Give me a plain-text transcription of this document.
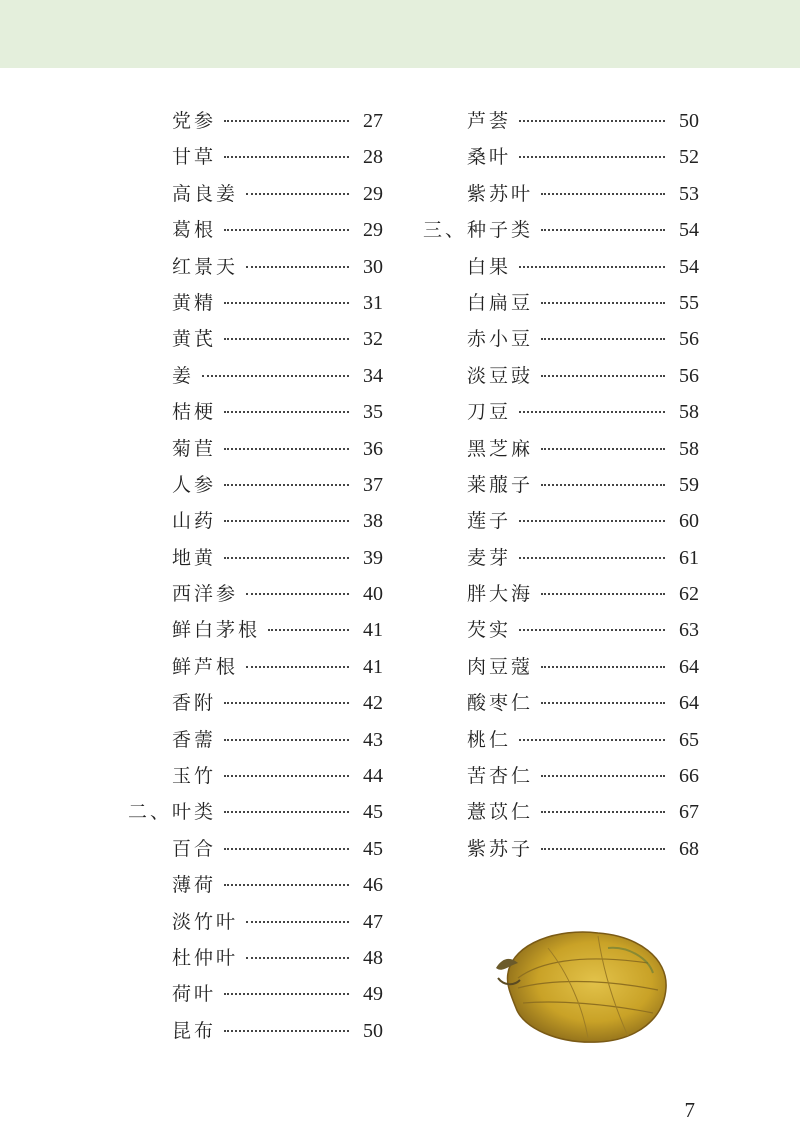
党参	27
甘草	28
高良姜	29
葛根	29
红景天	30
黄精	31
黄芪	32
姜	34
桔梗	35
菊苣	36
人参	37
山药	38
地黄	39
西洋参	40
鲜白茅根	41
鲜芦根	41
香附	42
香薷	43
玉竹	44
二、叶类	45
百合	45
薄荷	46
淡竹叶	47
杜仲叶	48
荷叶	49
昆布	50
芦荟	50
桑叶	52
紫苏叶	53
三、种子类	54
白果	54
白扁豆	55
赤小豆	56
淡豆豉	56
刀豆	58
黑芝麻	58
莱菔子	59
莲子	60
麦芽	61
胖大海	62
芡实	63
肉豆蔻	64
酸枣仁	64
桃仁	65
苦杏仁	66
薏苡仁	67
紫苏子	68
7
